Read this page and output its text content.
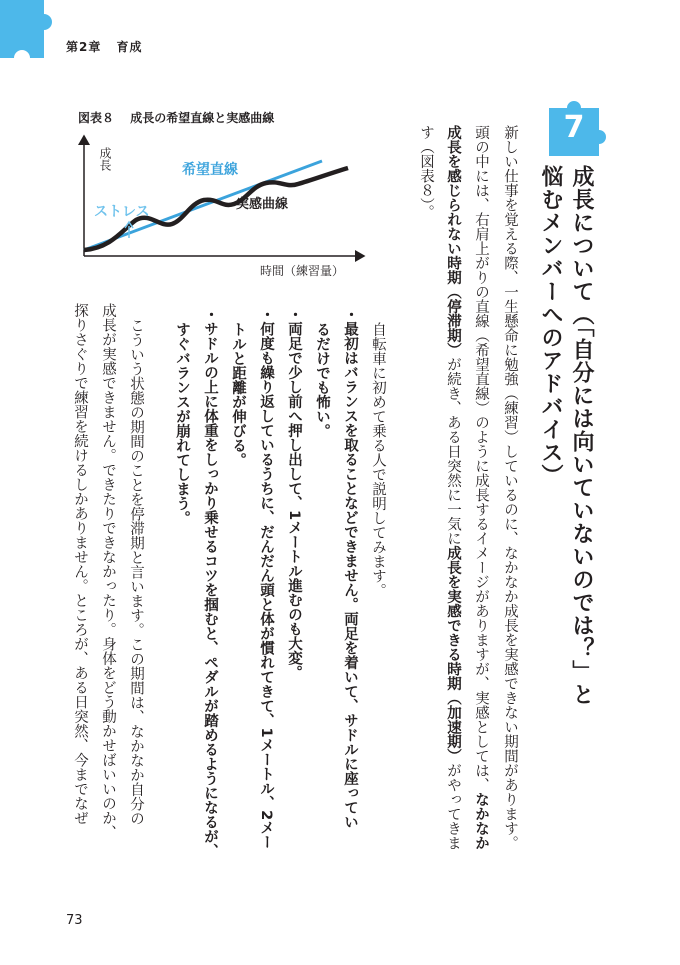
第2章 育成
7

成長について（「自分には向いていないのでは？」と

悩むメンバーへのアドバイス）

新しい仕事を覚える際、一生懸命に勉強（練習）しているのに、なかなか成長を実感できない期間があります。

頭の中には、右肩上がりの直線（希望直線）のように成長するイメージがありますが、実感としては、なかなか

成長を感じられない時期（停滞期）が続き、ある日突然に一気に成長を実感できる時期（加速期）がやってきま

す（図表８）。

図表８ 成長の希望直線と実感曲線
成長
ストレス
希望直線
実感曲線
時間（練習量）

自転車に初めて乗る人で説明してみます。

・最初はバランスを取ることなどできません。両足を着いて、サドルに座ってい

るだけでも怖い。

・両足で少し前へ押し出して、1メートル進むのも大変。

・何度も繰り返しているうちに、だんだん頭と体が慣れてきて、1メートル、2メー

トルと距離が伸びる。

・サドルの上に体重をしっかり乗せるコツを掴むと、ペダルが踏めるようになるが、

すぐバランスが崩れてしまう。

こういう状態の期間のことを停滞期と言います。この期間は、なかなか自分の

成長が実感できません。できたりできなかったり。身体をどう動かせばいいのか、

探りさぐりで練習を続けるしかありません。ところが、ある日突然、今までなぜ

73
